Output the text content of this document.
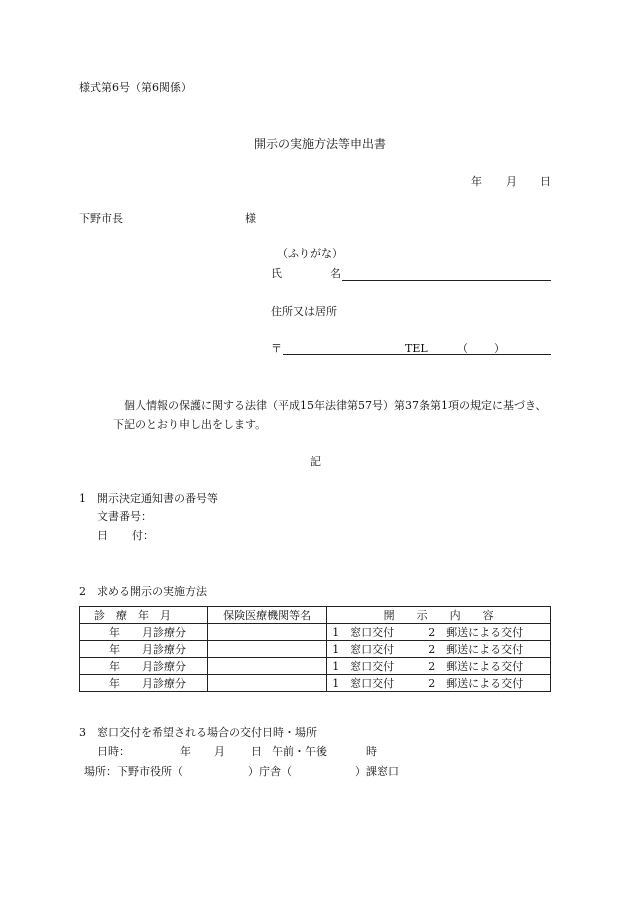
様式第6号（第6関係）
開示の実施方法等申出書
年 月 日
下野市長	様
（ふりがな）
氏	名
住所又は居所
〒	TEL	（ ）
個人情報の保護に関する法律（平成15年法律第57号）第37条第1項の規定に基づき、
下記のとおり申し出をします。
記
1　開示決定通知書の番号等
文書番号：
日 付：
2　求める開示の実施方法
診　療　年　月	保険医療機関等名	開　　示　　内　　容
年 月診療分		1　窓口交付 2　郵送による交付
年 月診療分		1　窓口交付 2　郵送による交付
年 月診療分		1　窓口交付 2　郵送による交付
年 月診療分		1　窓口交付 2　郵送による交付
3　窓口交付を希望される場合の交付日時・場所
日時：	年 月 日 午前・午後	時
場所：下野市役所（	）庁舎（	）課窓口
